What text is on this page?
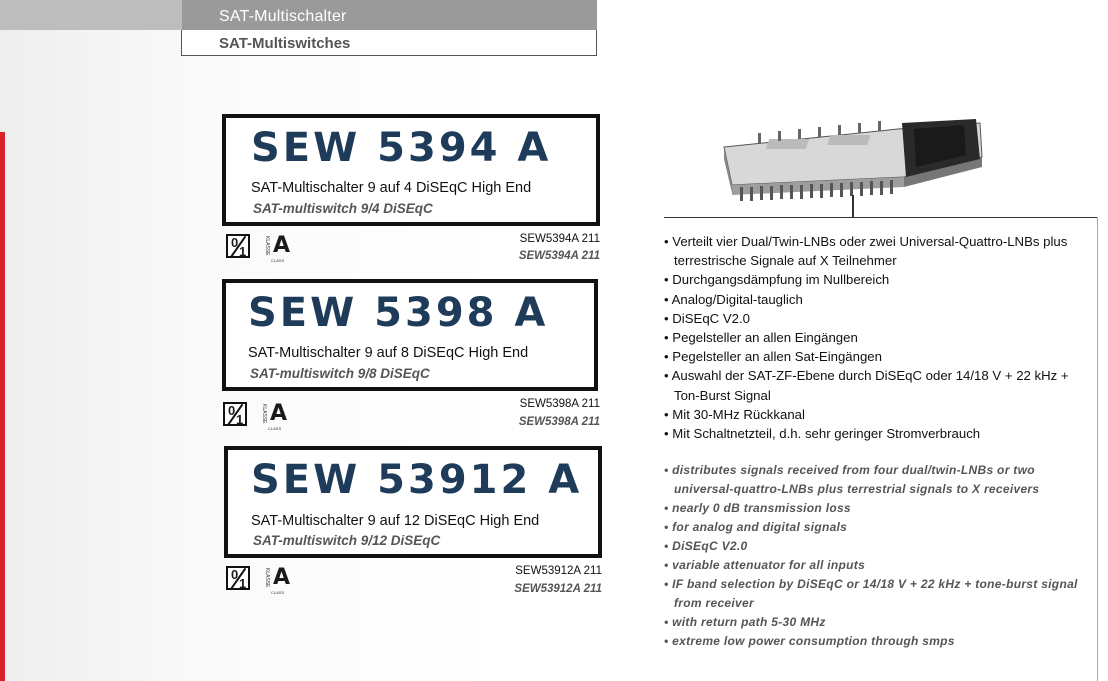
SAT-Multischalter
SAT-Multiswitches
SEW 5394 A
SAT-Multischalter 9 auf 4 DiSEqC High End
SAT-multiswitch 9/4 DiSEqC
0
1	KLASSE A
CLASS
SEW5394A 211
SEW5394A 211
SEW 5398 A
SAT-Multischalter 9 auf 8 DiSEqC High End
SAT-multiswitch 9/8 DiSEqC
0
1	KLASSE A
CLASS
SEW5398A 211
SEW5398A 211
SEW 53912 A
SAT-Multischalter 9 auf 12 DiSEqC High End
SAT-multiswitch 9/12 DiSEqC
0
1	KLASSE A
CLASS
SEW53912A 211
SEW53912A 211
• Verteilt vier Dual/Twin-LNBs oder zwei Universal-Quattro-LNBs plus terrestrische Signale auf X Teilnehmer
• Durchgangsdämpfung im Nullbereich
• Analog/Digital-tauglich
• DiSEqC V2.0
• Pegelsteller an allen Eingängen
• Pegelsteller an allen Sat-Eingängen
• Auswahl der SAT-ZF-Ebene durch DiSEqC oder 14/18 V + 22 kHz + Ton-Burst Signal
• Mit 30-MHz Rückkanal
• Mit Schaltnetzteil, d.h. sehr geringer Stromverbrauch
• distributes signals received from four dual/twin-LNBs or two universal-quattro-LNBs plus terrestrial signals to X receivers
• nearly 0 dB transmission loss
• for analog and digital signals
• DiSEqC V2.0
• variable attenuator for all inputs
• IF band selection by DiSEqC or 14/18 V + 22 kHz + tone-burst signal from receiver
• with return path 5-30 MHz
• extreme low power consumption through smps
